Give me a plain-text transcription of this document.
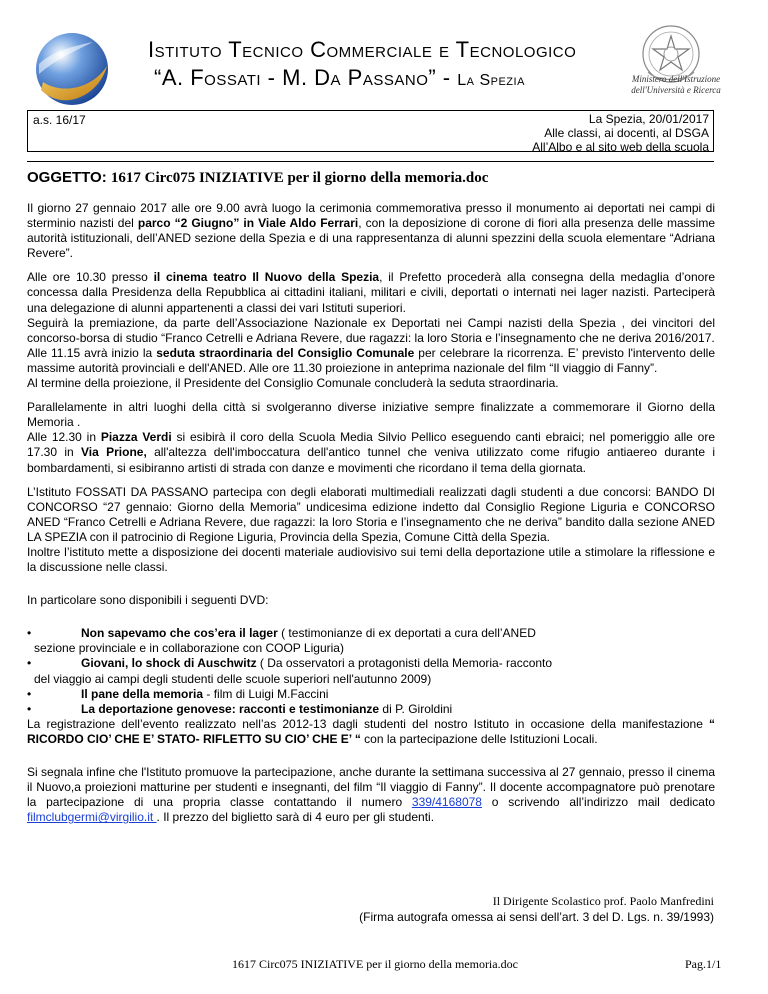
Istituto Tecnico Commerciale e Tecnologico
“A. Fossati - M. Da Passano” - La Spezia	Ministero dell'Istruzione
dell'Università e Ricerca
a.s. 16/17	La Spezia, 20/01/2017
Alle classi, ai docenti, al DSGA
All’Albo e al sito web della scuola
OGGETTO: 1617 Circ075 INIZIATIVE per il giorno della memoria.doc

Il giorno 27 gennaio 2017 alle ore 9.00 avrà luogo la cerimonia commemorativa presso il monumento ai deportati nei campi di sterminio nazisti del parco “2 Giugno” in Viale Aldo Ferrari, con la deposizione di corone di fiori alla presenza delle massime autorità istituzionali, dell’ANED sezione della Spezia e di una rappresentanza di alunni spezzini della scuola elementare “Adriana Revere”.

Alle ore 10.30 presso il cinema teatro Il Nuovo della Spezia, il Prefetto procederà alla consegna della medaglia d’onore concessa dalla Presidenza della Repubblica ai cittadini italiani, militari e civili, deportati o internati nei lager nazisti. Parteciperà una delegazione di alunni appartenenti a classi dei vari Istituti superiori.
Seguirà la premiazione, da parte dell’Associazione Nazionale ex Deportati nei Campi nazisti della Spezia , dei vincitori del concorso-borsa di studio “Franco Cetrelli e Adriana Revere, due ragazzi: la loro Storia e l’insegnamento che ne deriva 2016/2017.
Alle 11.15 avrà inizio la seduta straordinaria del Consiglio Comunale per celebrare la ricorrenza. E’ previsto l'intervento delle massime autorità provinciali e dell'ANED. Alle ore 11.30 proiezione in anteprima nazionale del film “Il viaggio di Fanny”.
Al termine della proiezione, il Presidente del Consiglio Comunale concluderà la seduta straordinaria.

Parallelamente in altri luoghi della città si svolgeranno diverse iniziative sempre finalizzate a commemorare il Giorno della Memoria .
Alle 12.30 in Piazza Verdi si esibirà il coro della Scuola Media Silvio Pellico eseguendo canti ebraici; nel pomeriggio alle ore 17.30 in Via Prione, all'altezza dell'imboccatura dell'antico tunnel che veniva utilizzato come rifugio antiaereo durante i bombardamenti, si esibiranno artisti di strada con danze e movimenti che ricordano il tema della giornata.

L’Istituto FOSSATI DA PASSANO partecipa con degli elaborati multimediali realizzati dagli studenti a due concorsi: BANDO DI CONCORSO “27 gennaio: Giorno della Memoria” undicesima edizione indetto dal Consiglio Regione Liguria e CONCORSO ANED “Franco Cetrelli e Adriana Revere, due ragazzi: la loro Storia e l’insegnamento che ne deriva” bandito dalla sezione ANED LA SPEZIA con il patrocinio di Regione Liguria, Provincia della Spezia, Comune Città della Spezia.
Inoltre l’istituto mette a disposizione dei docenti materiale audiovisivo sui temi della deportazione utile a stimolare la riflessione e la discussione nelle classi.

In particolare sono disponibili i seguenti DVD:

•	Non sapevamo che cos’era il lager ( testimonianze di ex deportati a cura dell’ANED
sezione provinciale e in collaborazione con COOP Liguria)
•	Giovani, lo shock di Auschwitz ( Da osservatori a protagonisti della Memoria- racconto
del viaggio ai campi degli studenti delle scuole superiori nell'autunno 2009)
•	Il pane della memoria - film di Luigi M.Faccini
•	La deportazione genovese: racconti e testimonianze di P. Giroldini

La registrazione dell’evento realizzato nell’as 2012-13 dagli studenti del nostro Istituto in occasione della manifestazione “ RICORDO CIO’ CHE E’ STATO- RIFLETTO SU CIO’ CHE E’ “ con la partecipazione delle Istituzioni Locali.

Si segnala infine che l'Istituto promuove la partecipazione, anche durante la settimana successiva al 27 gennaio, presso il cinema il Nuovo,a proiezioni matturine per studenti e insegnanti, del film “Il viaggio di Fanny”. Il docente accompagnatore può prenotare la partecipazione di una propria classe contattando il numero 339/4168078 o scrivendo all’indirizzo mail dedicato filmclubgermi@virgilio.it . Il prezzo del biglietto sarà di 4 euro per gli studenti.

Il Dirigente Scolastico prof. Paolo Manfredini
(Firma autografa omessa ai sensi dell’art. 3 del D. Lgs. n. 39/1993)
1617 Circ075 INIZIATIVE per il giorno della memoria.doc	Pag.1/1
